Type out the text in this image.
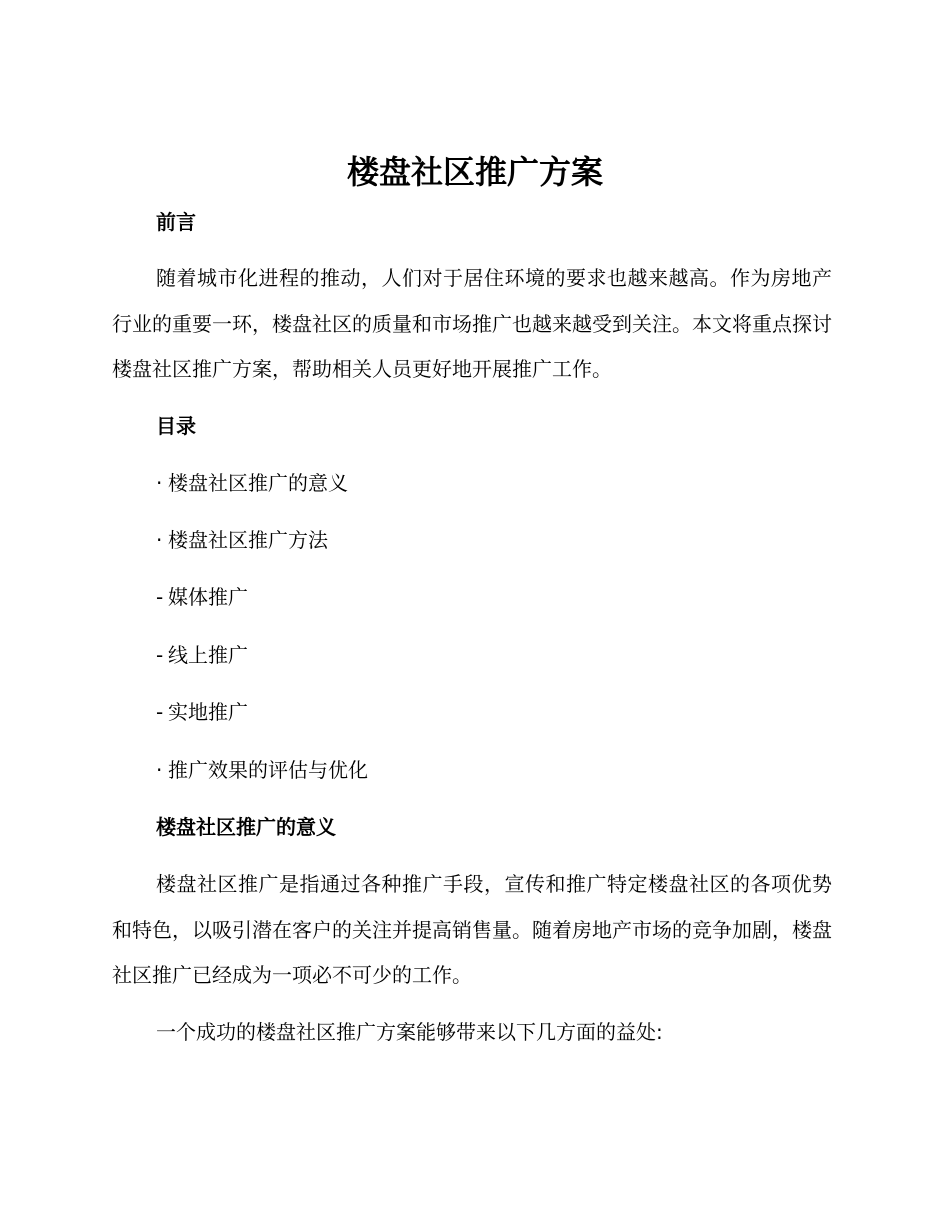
楼盘社区推广方案
前言

随着城市化进程的推动，人们对于居住环境的要求也越来越高。作为房地产行业的重要一环，楼盘社区的质量和市场推广也越来越受到关注。本文将重点探讨楼盘社区推广方案，帮助相关人员更好地开展推广工作。

目录
· 楼盘社区推广的意义
· 楼盘社区推广方法
- 媒体推广
- 线上推广
- 实地推广
· 推广效果的评估与优化
楼盘社区推广的意义

楼盘社区推广是指通过各种推广手段，宣传和推广特定楼盘社区的各项优势和特色，以吸引潜在客户的关注并提高销售量。随着房地产市场的竞争加剧，楼盘社区推广已经成为一项必不可少的工作。

一个成功的楼盘社区推广方案能够带来以下几方面的益处:
